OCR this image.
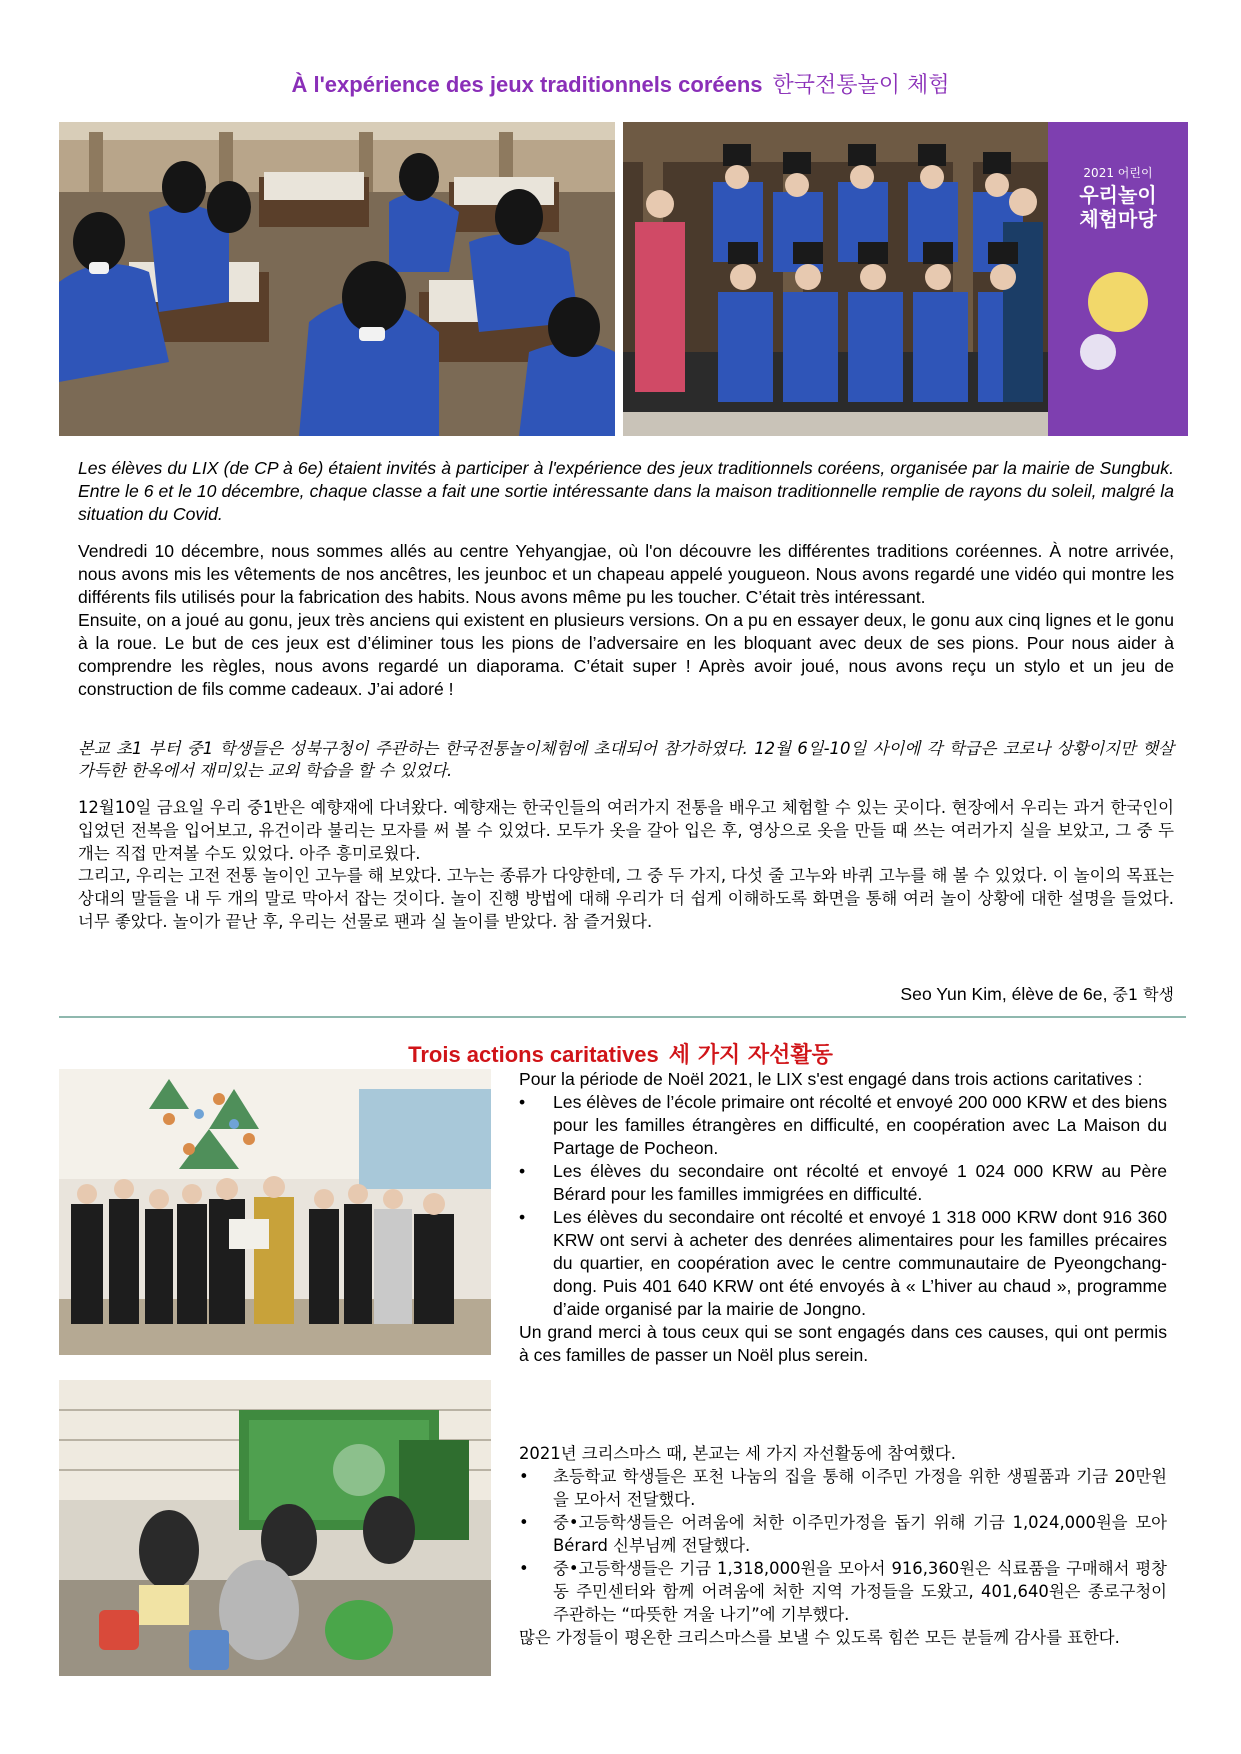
À l'expérience des jeux traditionnels coréens 한국전통놀이 체험
2021 어린이
우리놀이
체험마당
Les élèves du LIX (de CP à 6e) étaient invités à participer à l'expérience des jeux traditionnels coréens, organisée par la mairie de Sungbuk. Entre le 6 et le 10 décembre, chaque classe a fait une sortie intéressante dans la maison traditionnelle remplie de rayons du soleil, malgré la situation du Covid.

Vendredi 10 décembre, nous sommes allés au centre Yehyangjae, où l'on découvre les différentes traditions coréennes. À notre arrivée, nous avons mis les vêtements de nos ancêtres, les jeunboc et un chapeau appelé yougueon. Nous avons regardé une vidéo qui montre les différents fils utilisés pour la fabrication des habits. Nous avons même pu les toucher. C’était très intéressant.

Ensuite, on a joué au gonu, jeux très anciens qui existent en plusieurs versions. On a pu en essayer deux, le gonu aux cinq lignes et le gonu à la roue. Le but de ces jeux est d’éliminer tous les pions de l’adversaire en les bloquant avec deux de ses pions. Pour nous aider à comprendre les règles, nous avons regardé un diaporama. C’était super ! Après avoir joué, nous avons reçu un stylo et un jeu de construction de fils comme cadeaux. J’ai adoré !

본교 초1 부터 중1 학생들은 성북구청이 주관하는 한국전통놀이체험에 초대되어 참가하였다. 12월 6일-10일 사이에 각 학급은 코로나 상황이지만 햇살 가득한 한옥에서 재미있는 교외 학습을 할 수 있었다.

12월10일 금요일 우리 중1반은 예향재에 다녀왔다. 예향재는 한국인들의 여러가지 전통을 배우고 체험할 수 있는 곳이다. 현장에서 우리는 과거 한국인이 입었던 전복을 입어보고, 유건이라 불리는 모자를 써 볼 수 있었다. 모두가 옷을 갈아 입은 후, 영상으로 옷을 만들 때 쓰는 여러가지 실을 보았고, 그 중 두 개는 직접 만져볼 수도 있었다. 아주 흥미로웠다.

그리고, 우리는 고전 전통 놀이인 고누를 해 보았다. 고누는 종류가 다양한데, 그 중 두 가지, 다섯 줄 고누와 바퀴 고누를 해 볼 수 있었다. 이 놀이의 목표는 상대의 말들을 내 두 개의 말로 막아서 잡는 것이다. 놀이 진행 방법에 대해 우리가 더 쉽게 이해하도록 화면을 통해 여러 놀이 상황에 대한 설명을 들었다. 너무 좋았다. 놀이가 끝난 후, 우리는 선물로 팬과 실 놀이를 받았다. 참 즐거웠다.

Seo Yun Kim, élève de 6e, 중1 학생
Trois actions caritatives 세 가지 자선활동

Pour la période de Noël 2021, le LIX s'est engagé dans trois actions caritatives :

• Les élèves de l’école primaire ont récolté et envoyé 200 000 KRW et des biens pour les familles étrangères en difficulté, en coopération avec La Maison du Partage de Pocheon.
• Les élèves du secondaire ont récolté et envoyé 1 024 000 KRW au Père Bérard pour les familles immigrées en difficulté.
• Les élèves du secondaire ont récolté et envoyé 1 318 000 KRW dont 916 360 KRW ont servi à acheter des denrées alimentaires pour les familles précaires du quartier, en coopération avec le centre communautaire de Pyeongchang-dong. Puis 401 640 KRW ont été envoyés à « L’hiver au chaud », programme d’aide organisé par la mairie de Jongno.

Un grand merci à tous ceux qui se sont engagés dans ces causes, qui ont permis à ces familles de passer un Noël plus serein.

2021년 크리스마스 때, 본교는 세 가지 자선활동에 참여했다.

• 초등학교 학생들은 포천 나눔의 집을 통해 이주민 가정을 위한 생필품과 기금 20만원을 모아서 전달했다.
• 중•고등학생들은 어려움에 처한 이주민가정을 돕기 위해 기금 1,024,000원을 모아 Bérard 신부님께 전달했다.
• 중•고등학생들은 기금 1,318,000원을 모아서 916,360원은 식료품을 구매해서 평창동 주민센터와 함께 어려움에 처한 지역 가정들을 도왔고, 401,640원은 종로구청이 주관하는 “따뜻한 겨울 나기”에 기부했다.

많은 가정들이 평온한 크리스마스를 보낼 수 있도록 힘쓴 모든 분들께 감사를 표한다.
